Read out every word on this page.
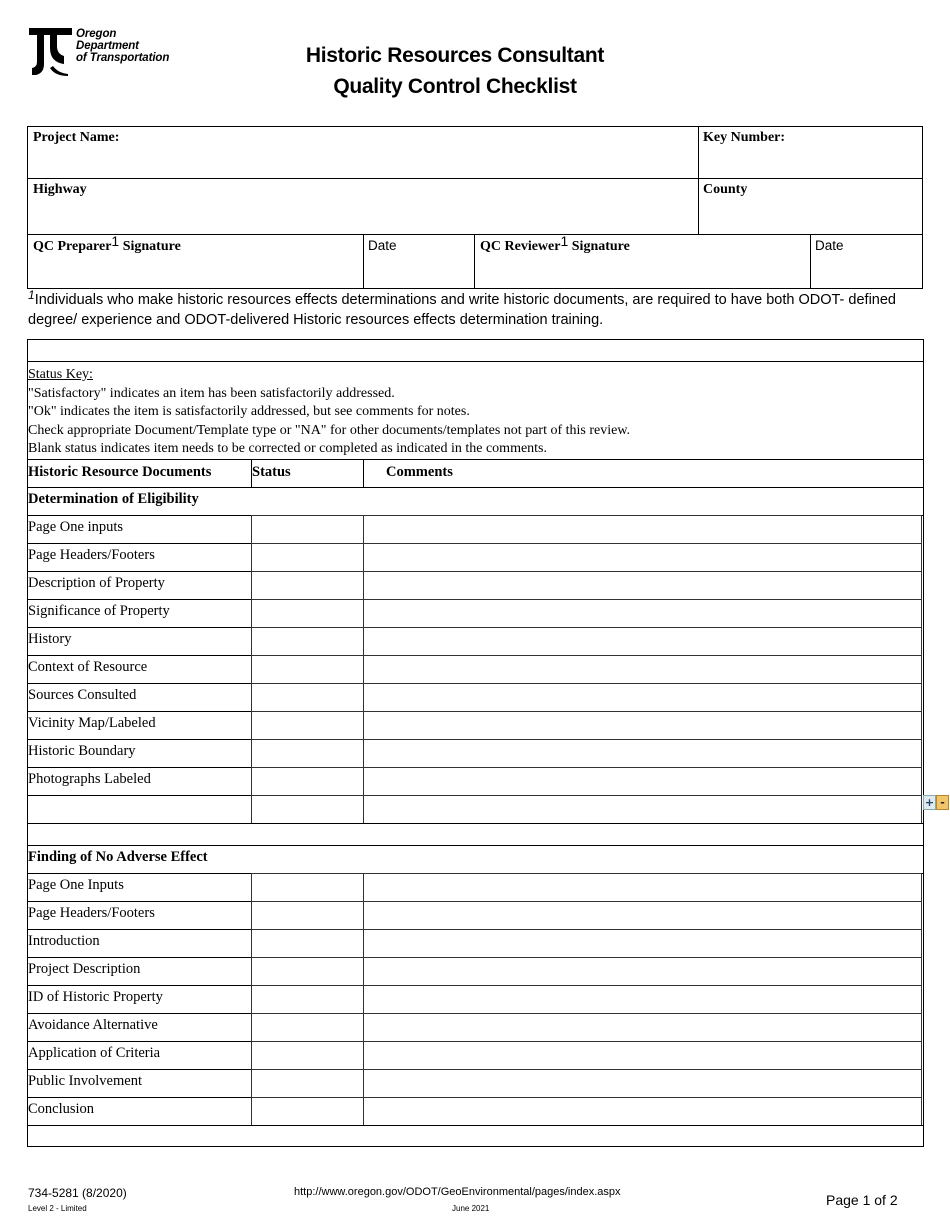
Oregon
Department
of Transportation	Historic Resources Consultant
Quality Control Checklist
Project Name:	Key Number:
Highway	County
QC Preparer$^1$ Signature	Date	QC Reviewer$^1$ Signature	Date
$^1$Individuals who make historic resources effects determinations and write historic documents, are required to have both ODOT- defined degree/ experience and ODOT-delivered Historic resources effects determination training.
Determination of Eligibility
Page One inputs
Page Headers/Footers
Description of Property
Significance of Property
History
Context of Resource
Sources Consulted
Vicinity Map/Labeled
Historic Boundary
Photographs Labeled
Finding of No Adverse Effect
Page One Inputs
Page Headers/Footers
Introduction
Project Description
ID of Historic Property
Avoidance Alternative
Application of Criteria
Public Involvement
Conclusion
Status Key:
"Satisfactory" indicates an item has been satisfactorily addressed.
"Ok" indicates the item is satisfactorily addressed, but see comments for notes.
Check appropriate Document/Template type or "NA" for other documents/templates not part of this review.
Blank status indicates item needs to be corrected or completed as indicated in the comments.
Historic Resource Documents	Status	Comments
+ -
734-5281 (8/2020)
Level 2 - Limited
http://www.oregon.gov/ODOT/GeoEnvironmental/pages/index.aspx
June 2021
Page 1 of 2
